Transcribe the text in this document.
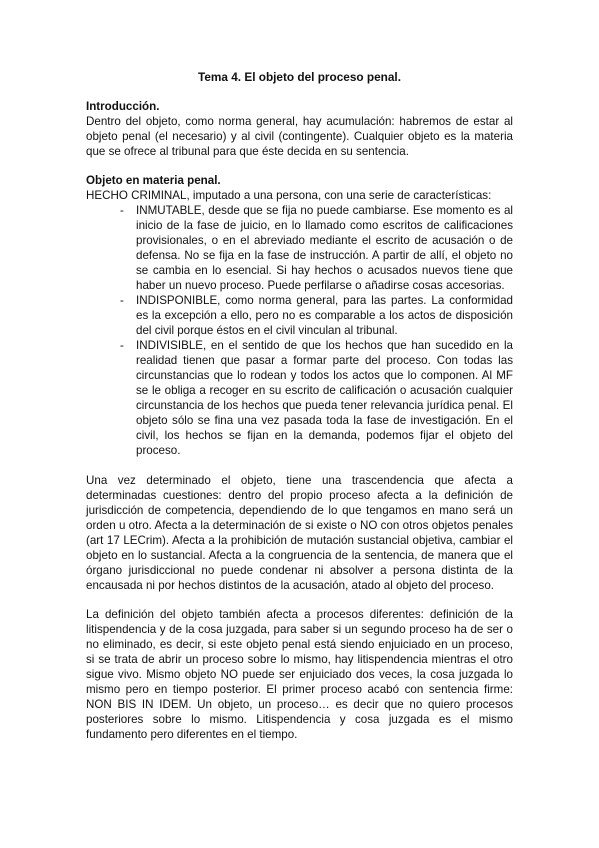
Tema 4. El objeto del proceso penal.

Introducción.

Dentro del objeto, como norma general, hay acumulación: habremos de estar al objeto penal (el necesario) y al civil (contingente). Cualquier objeto es la materia que se ofrece al tribunal para que éste decida en su sentencia.

Objeto en materia penal.

HECHO CRIMINAL, imputado a una persona, con una serie de características:

- INMUTABLE, desde que se fija no puede cambiarse. Ese momento es al inicio de la fase de juicio, en lo llamado como escritos de calificaciones provisionales, o en el abreviado mediante el escrito de acusación o de defensa. No se fija en la fase de instrucción. A partir de allí, el objeto no se cambia en lo esencial. Si hay hechos o acusados nuevos tiene que haber un nuevo proceso. Puede perfilarse o añadirse cosas accesorias.
- INDISPONIBLE, como norma general, para las partes. La conformidad es la excepción a ello, pero no es comparable a los actos de disposición del civil porque éstos en el civil vinculan al tribunal.
- INDIVISIBLE, en el sentido de que los hechos que han sucedido en la realidad tienen que pasar a formar parte del proceso. Con todas las circunstancias que lo rodean y todos los actos que lo componen. Al MF se le obliga a recoger en su escrito de calificación o acusación cualquier circunstancia de los hechos que pueda tener relevancia jurídica penal. El objeto sólo se fina una vez pasada toda la fase de investigación. En el civil, los hechos se fijan en la demanda, podemos fijar el objeto del proceso.

Una vez determinado el objeto, tiene una trascendencia que afecta a determinadas cuestiones: dentro del propio proceso afecta a la definición de jurisdicción de competencia, dependiendo de lo que tengamos en mano será un orden u otro. Afecta a la determinación de si existe o NO con otros objetos penales (art 17 LECrim). Afecta a la prohibición de mutación sustancial objetiva, cambiar el objeto en lo sustancial. Afecta a la congruencia de la sentencia, de manera que el órgano jurisdiccional no puede condenar ni absolver a persona distinta de la encausada ni por hechos distintos de la acusación, atado al objeto del proceso.

La definición del objeto también afecta a procesos diferentes: definición de la litispendencia y de la cosa juzgada, para saber si un segundo proceso ha de ser o no eliminado, es decir, si este objeto penal está siendo enjuiciado en un proceso, si se trata de abrir un proceso sobre lo mismo, hay litispendencia mientras el otro sigue vivo. Mismo objeto NO puede ser enjuiciado dos veces, la cosa juzgada lo mismo pero en tiempo posterior. El primer proceso acabó con sentencia firme: NON BIS IN IDEM. Un objeto, un proceso… es decir que no quiero procesos posteriores sobre lo mismo. Litispendencia y cosa juzgada es el mismo fundamento pero diferentes en el tiempo.
